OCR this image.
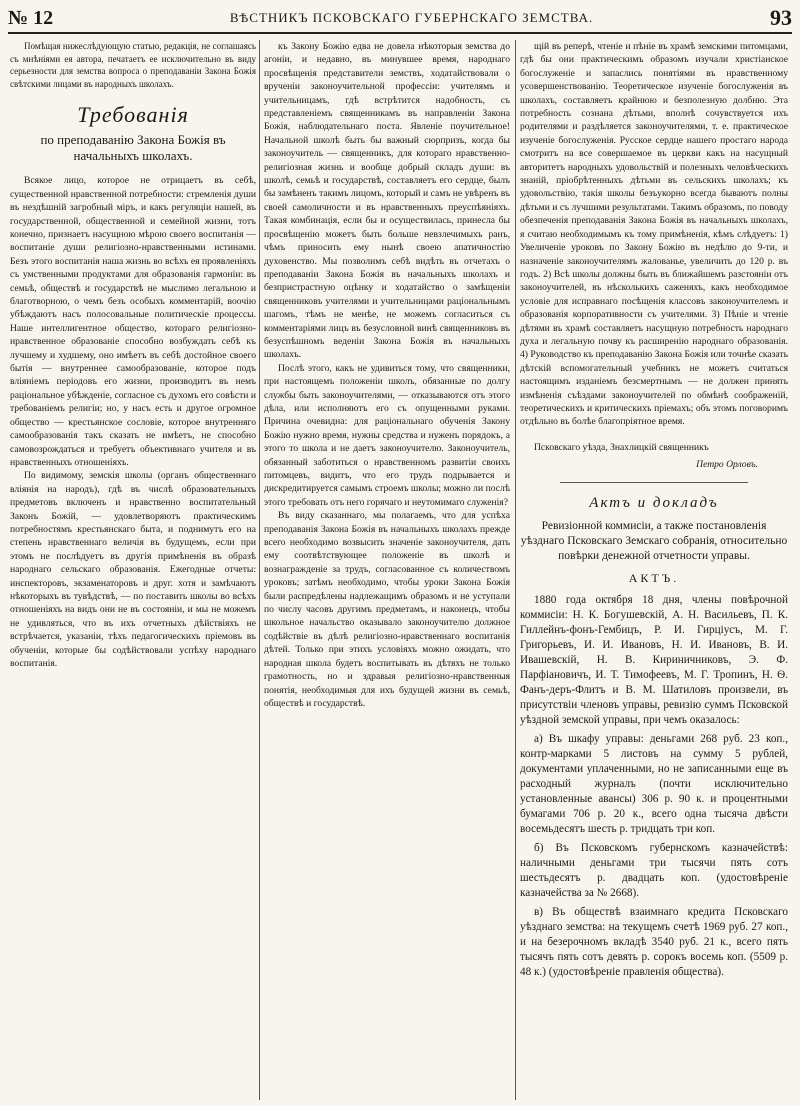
№ 12	ВѢСТНИКЪ ПСКОВСКАГО ГУБЕРНСКАГО ЗЕМСТВА.	93

Помѣщая нижеслѣдующую статью, редакція, не соглашаясь съ мнѣніями ея автора, печатаетъ ее исключительно въ виду серьезности для земства вопроса о преподаваніи Закона Божія свѣтскими лицами въ народныхъ школахъ.

Требованія

по преподаванію Закона Божія въ начальныхъ школахъ.

Всякое лицо, которое не отрицаетъ въ себѣ, существенной нравственной потребности: стремленія души въ нездѣшній загробный міръ, и какъ регуляціи нашей, въ государственной, общественной и семейной жизни, тотъ конечно, признаетъ насущною мѣрою своего воспитанія — воспитаніе души религіозно-нравственными истинами. Безъ этого воспитанія наша жизнь во всѣхъ ея проявленіяхъ съ умственными продуктами для образованія гармоніи: въ семьѣ, обществѣ и государствѣ не мыслимо легальною и благотворною, о чемъ безъ особыхъ комментарій, воочію убѣждаютъ насъ полосовальные политическіе процессы. Наше интеллигентное общество, котораго религіозно-нравственное образованіе способно возбуждать себѣ къ лучшему и худшему, оно имѣетъ въ себѣ достойное своего бытія — внутреннее самообразованіе, которое подъ вліяніемъ періодовъ его жизни, производитъ въ немъ раціональное убѣжденіе, согласное съ духомъ его совѣсти и требованіемъ религіи; но, у насъ есть и другое огромное общество — крестьянское сословіе, которое внутренняго самообразованія такъ сказать не имѣетъ, не способно самовозрождаться и требуетъ объективнаго учителя и въ нравственныхъ отношеніяхъ.

По видимому, земскія школы (органъ общественнаго вліянія на народъ), гдѣ въ числѣ образовательныхъ предметовъ включенъ и нравственно воспитательный Законъ Божій, — удовлетворяютъ практическимъ потребностямъ крестьянскаго быта, и поднимутъ его на степень нравственнаго величія въ будущемъ, если при этомъ не послѣдуетъ въ другія примѣненія въ образѣ народнаго сельскаго образованія. Ежегодные отчеты: инспекторовъ, экзаменаторовъ и друг. хотя и замѣчаютъ нѣкоторыхъ въ тувѣдствѣ, — по поставить школы во всѣхъ отношеніяхъ на видъ они не въ состояніи, и мы не можемъ не удивляться, что въ ихъ отчетныхъ дѣйствіяхъ не встрѣчается, указаніи, тѣхъ педагогическихъ пріемовъ въ обученіи, которые бы содѣйствовали успѣху народнаго воспитанія.

къ Закону Божію едва не довела нѣкоторыя земства до агоніи, и недавно, въ минувшее время, народнаго просвѣщенія представители земствъ, ходатайствовали о врученіи законоучительной профессіи: учителямъ и учительницамъ, гдѣ встрѣтится надобность, съ представленіемъ священникамъ въ направленіи Закона Божія, наблюдательнаго поста. Явленіе поучительное! Начальной школѣ быть бы важный сюрпризъ, когда бы законоучитель — священникъ, для котораго нравственно-религіозная жизнь и вообще добрый складъ души: въ школѣ, семьѣ и государствѣ, составляетъ его сердце, былъ бы замѣненъ такимъ лицомъ, который и самъ не увѣренъ въ своей самоличности и въ нравственныхъ преуспѣяніяхъ. Такая комбинація, если бы и осуществилась, принесла бы просвѣщенію можетъ быть больше невзлечимыхъ ранъ, чѣмъ приносить ему нынѣ своею апатичностію духовенство. Мы позволимъ себѣ видѣть въ отчетахъ о преподаваніи Закона Божія въ начальныхъ школахъ и безпристрастную оцѣнку и ходатайство о замѣщеніи священниковъ учителями и учительницами раціональнымъ шагомъ, тѣмъ не менѣе, не можемъ согласиться съ комментаріями лицъ въ безусловной винѣ священниковъ въ безуспѣшномъ веденіи Закона Божія въ начальныхъ школахъ.

Послѣ этого, какъ не удивиться тому, что священники, при настоящемъ положеніи школъ, обязанные по долгу службы быть законоучителями, — отказываются отъ этого дѣла, или исполняютъ его съ опущенными руками. Причина очевидна: для раціональнаго обученія Закону Божію нужно время, нужны средства и нуженъ порядокъ, а этого то школа и не даетъ законоучителю. Законоучитель, обязанный заботиться о нравственномъ развитіи своихъ питомцевъ, видитъ, что его трудъ подрывается и дискредитируется самымъ строемъ школы; можно ли послѣ этого требовать отъ него горячаго и неутомимаго служенія?

Въ виду сказаннаго, мы полагаемъ, что для успѣха преподаванія Закона Божія въ начальныхъ школахъ прежде всего необходимо возвысить значеніе законоучителя, дать ему соотвѣтствующее положеніе въ школѣ и вознагражденіе за трудъ, согласованное съ количествомъ уроковъ; затѣмъ необходимо, чтобы уроки Закона Божія были распредѣлены надлежащимъ образомъ и не уступали по числу часовъ другимъ предметамъ, и наконецъ, чтобы школьное начальство оказывало законоучителю должное содѣйствіе въ дѣлѣ религіозно-нравственнаго воспитанія дѣтей. Только при этихъ условіяхъ можно ожидать, что народная школа будетъ воспитывать въ дѣтяхъ не только грамотность, но и здравыя религіозно-нравственныя понятія, необходимыя для ихъ будущей жизни въ семьѣ, обществѣ и государствѣ.

щій въ реперѣ, чтеніе и пѣніе въ храмѣ земскими питомцами, гдѣ бы они практическимъ образомъ изучали христіанское богослуженіе и запаслись понятіями въ нравственному усовершенствованію. Теоретическое изученіе богослуженія въ школахъ, составляетъ крайнюю и безполезную долбню. Эта потребность сознана дѣтьми, вполнѣ сочувствуется ихъ родителями и раздѣляется законоучителями, т. е. практическое изученіе богослуженія. Русское сердце нашего простаго народа смотритъ на все совершаемое въ церкви какъ на насущный авторитетъ народныхъ удовольствій и полезныхъ человѣческихъ знаній, пріобрѣтенныхъ дѣтьми въ сельскихъ школахъ; къ удовольствію, такія школы безъукорно всегда бываютъ полны дѣтьми и съ лучшими результатами. Такимъ образомъ, по поводу обезпеченія преподаванія Закона Божія въ начальныхъ школахъ, я считаю необходимымъ къ тому примѣненія, кѣмъ слѣдуетъ: 1) Увеличеніе уроковъ по Закону Божію въ недѣлю до 9-ти, и назначеніе законоучителямъ жалованье, увеличить до 120 р. въ годъ. 2) Всѣ школы должны быть въ ближайшемъ разстояніи отъ законоучителей, въ нѣсколькихъ саженяхъ, какъ необходимое условіе для исправнаго посѣщенія классовъ законоучителемъ и образованія корпоративности съ учителями. 3) Пѣніе и чтеніе дѣтями въ храмѣ составляетъ насущную потребность народнаго духа и легальную почву къ расширенію народнаго образованія. 4) Руководство къ преподаванію Закона Божія или точнѣе сказать дѣтскій вспомогательный учебникъ не можетъ считаться настоящимъ изданіемъ безсмертнымъ — не должен принять измѣненія съѣздами законоучителей по обмѣнѣ соображеній, теоретическихъ и критическихъ пріемахъ; объ этомъ поговоримъ отдѣльно въ болѣе благопріятное время.

Псковскаго уѣзда, Знахлицкій священникъ

Петро Орловъ.

Актъ и докладъ

Ревизіонной коммисіи, а также постановленія уѣзднаго Псковскаго Земскаго собранія, относительно повѣрки денежной отчетности управы.

АКТЪ.

1880 года октября 18 дня, члены повѣрочной коммисіи: Н. К. Богушевскій, А. Н. Васильевъ, П. К. Гиллейнъ-фонъ-Гембицъ, Р. И. Гирціусъ, М. Г. Григорьевъ, И. И. Ивановъ, Н. И. Ивановъ, В. И. Ивашевскій, Н. В. Кириничниковъ, Э. Ф. Парфіановичъ, И. Т. Тимофеевъ, М. Г. Тропинъ, Н. Ѳ. Фанъ-деръ-Флитъ и В. М. Шатиловъ произвели, въ присутствіи членовъ управы, ревизію суммъ Псковской уѣздной земской управы, при чемъ оказалось:

а) Въ шкафу управы: деньгами 268 руб. 23 коп., контр-марками 5 листовъ на сумму 5 рублей, документами уплаченными, но не записанными еще въ расходный журналъ (почти исключительно установленные авансы) 306 р. 90 к. и процентными бумагами 706 р. 20 к., всего одна тысяча двѣсти восемьдесятъ шесть р. тридцать три коп.

б) Въ Псковскомъ губернскомъ казначействѣ: наличными деньгами три тысячи пять сотъ шестьдесятъ р. двадцать коп. (удостовѣреніе казначейства за № 2668).

в) Въ обществѣ взаимнаго кредита Псковскаго уѣзднаго земства: на текущемъ счетѣ 1969 руб. 27 коп., и на безерочномъ вкладѣ 3540 руб. 21 к., всего пять тысячъ пять сотъ девять р. сорокъ восемь коп. (5509 р. 48 к.) (удостовѣреніе правленія общества).
